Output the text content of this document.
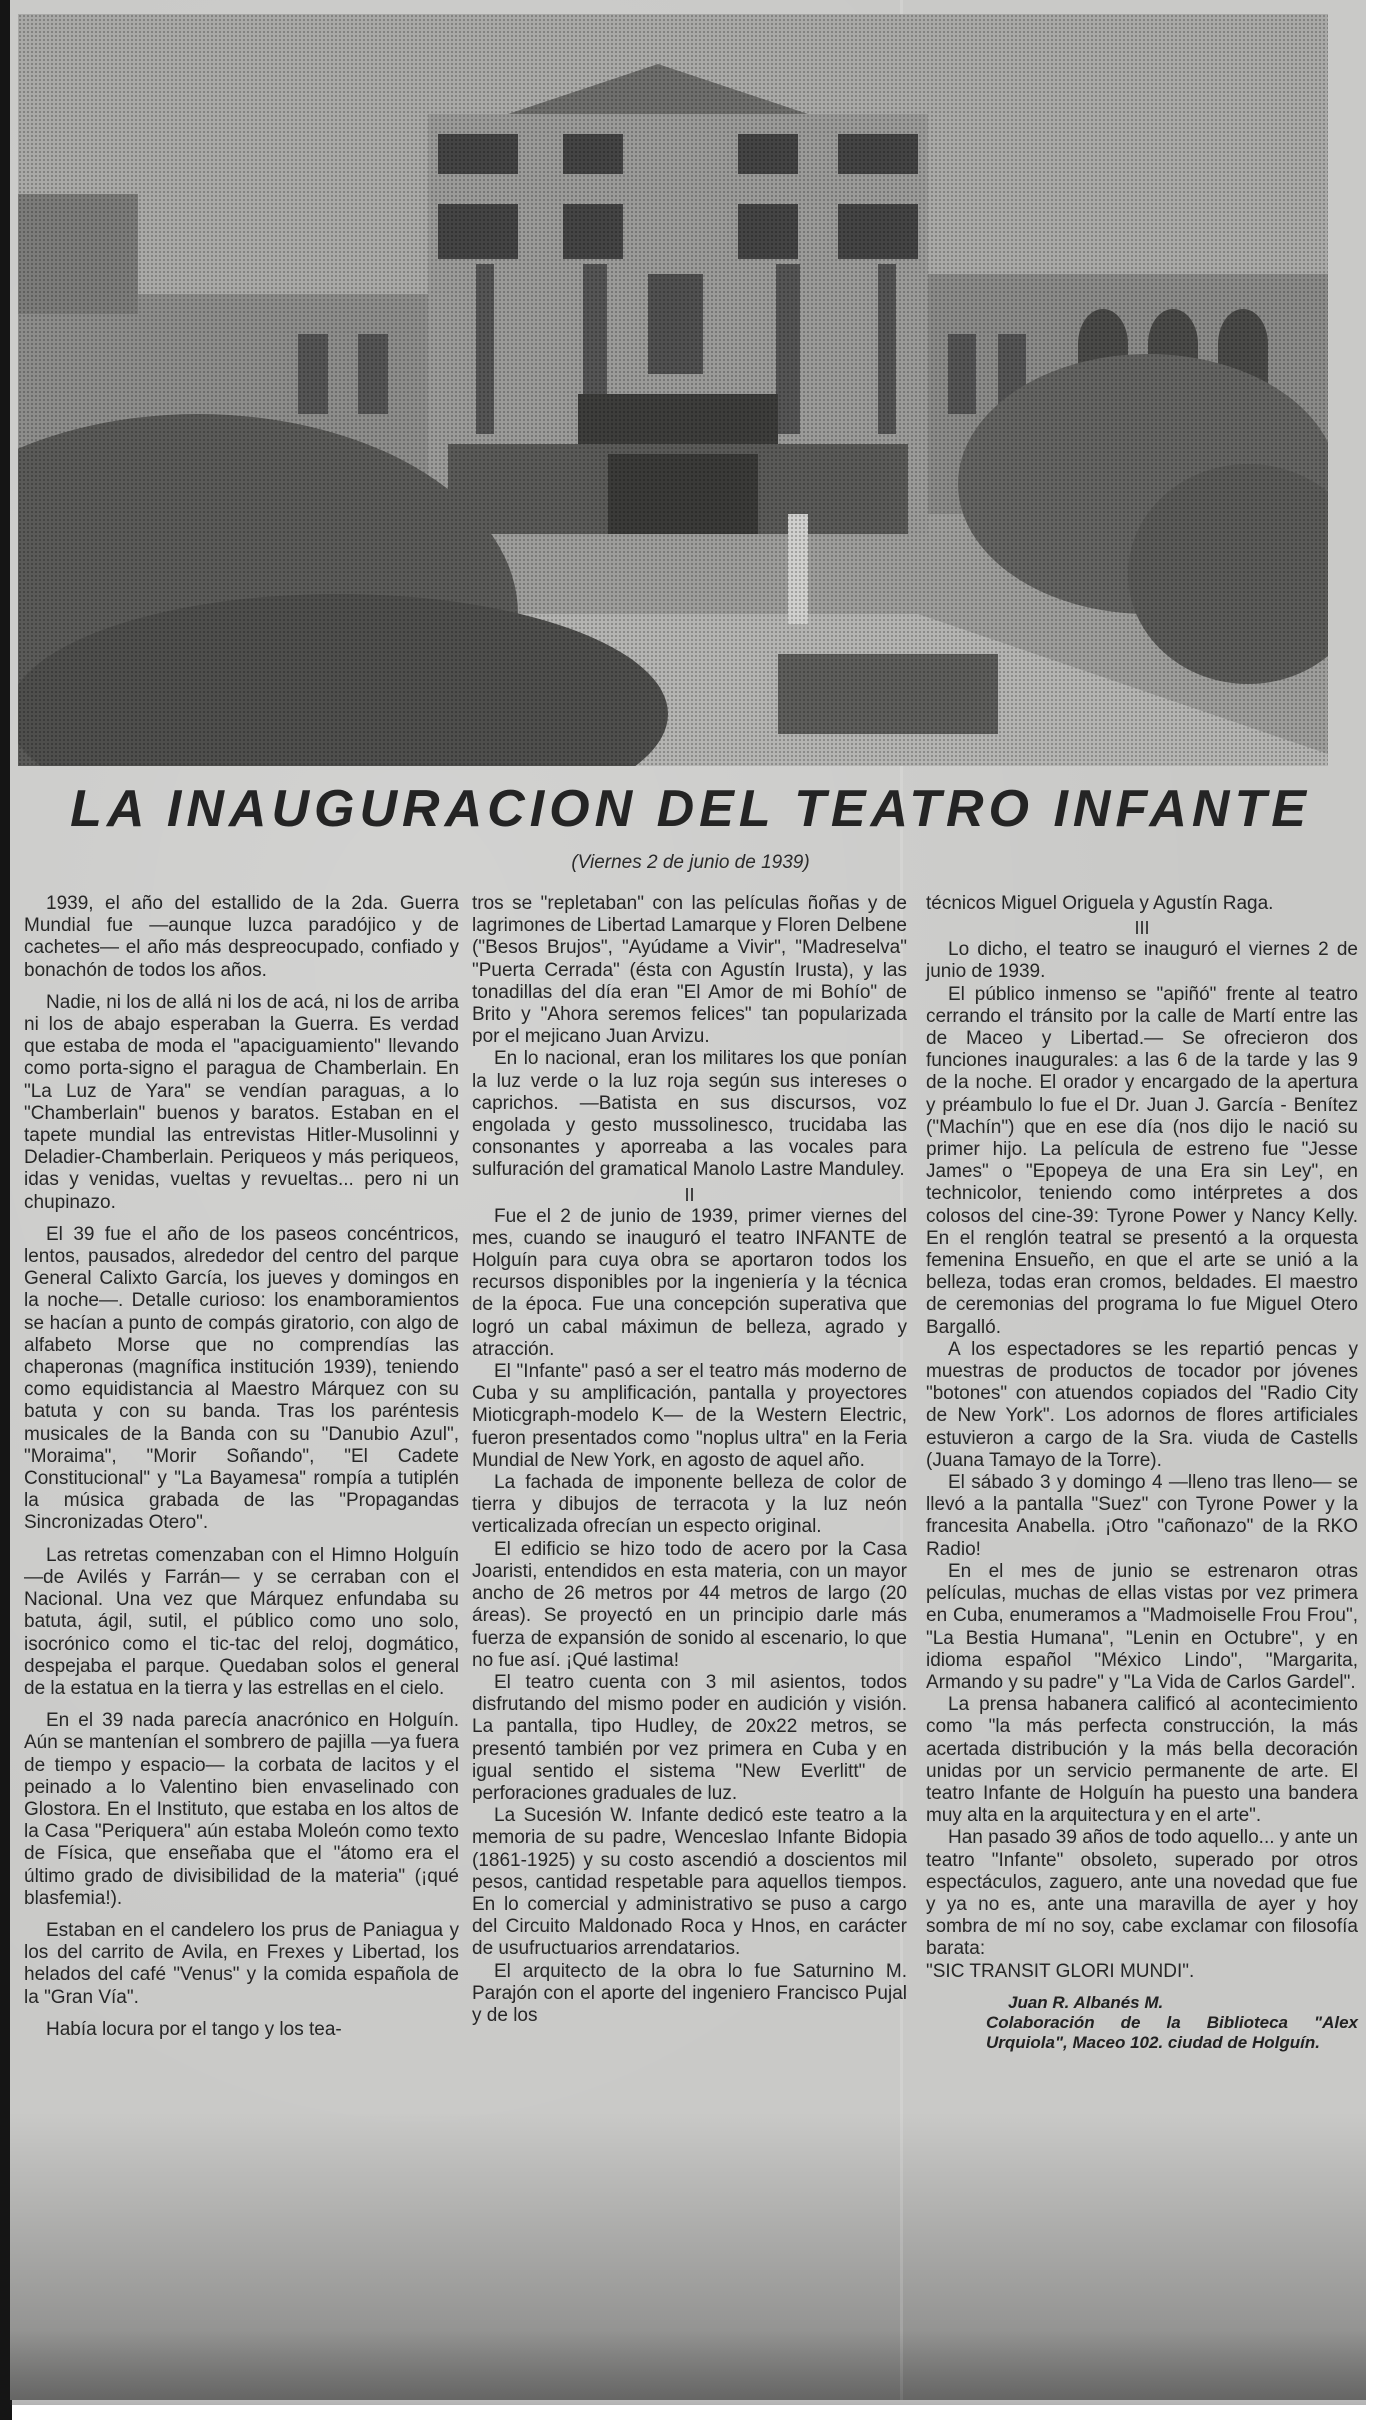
LA INAUGURACION DEL TEATRO INFANTE
(Viernes 2 de junio de 1939)

1939, el año del estallido de la 2da. Guerra Mundial fue —aunque luzca paradójico y de cachetes— el año más despreocupado, confiado y bonachón de todos los años.

Nadie, ni los de allá ni los de acá, ni los de arriba ni los de abajo esperaban la Guerra. Es verdad que estaba de moda el "apaciguamiento" llevando como porta-signo el paragua de Chamberlain. En "La Luz de Yara" se vendían paraguas, a lo "Chamberlain" buenos y baratos. Estaban en el tapete mundial las entrevistas Hitler-Musolinni y Deladier-Chamberlain. Periqueos y más periqueos, idas y venidas, vueltas y revueltas... pero ni un chupinazo.

El 39 fue el año de los paseos concéntricos, lentos, pausados, alrededor del centro del parque General Calixto García, los jueves y domingos en la noche—. Detalle curioso: los enamboramientos se hacían a punto de compás giratorio, con algo de alfabeto Morse que no comprendías las chaperonas (magnífica institución 1939), teniendo como equidistancia al Maestro Márquez con su batuta y con su banda. Tras los paréntesis musicales de la Banda con su "Danubio Azul", "Moraima", "Morir Soñando", "El Cadete Constitucional" y "La Bayamesa" rompía a tutiplén la música grabada de las "Propagandas Sincronizadas Otero".

Las retretas comenzaban con el Himno Holguín —de Avilés y Farrán— y se cerraban con el Nacional. Una vez que Márquez enfundaba su batuta, ágil, sutil, el público como uno solo, isocrónico como el tic-tac del reloj, dogmático, despejaba el parque. Quedaban solos el general de la estatua en la tierra y las estrellas en el cielo.

En el 39 nada parecía anacrónico en Holguín. Aún se mantenían el sombrero de pajilla —ya fuera de tiempo y espacio— la corbata de lacitos y el peinado a lo Valentino bien envaselinado con Glostora. En el Instituto, que estaba en los altos de la Casa "Periquera" aún estaba Moleón como texto de Física, que enseñaba que el "átomo era el último grado de divisibilidad de la materia" (¡qué blasfemia!).

Estaban en el candelero los prus de Paniagua y los del carrito de Avila, en Frexes y Libertad, los helados del café "Venus" y la comida española de la "Gran Vía".

Había locura por el tango y los tea-

tros se "repletaban" con las películas ñoñas y de lagrimones de Libertad Lamarque y Floren Delbene ("Besos Brujos", "Ayúdame a Vivir", "Madreselva" "Puerta Cerrada" (ésta con Agustín Irusta), y las tonadillas del día eran "El Amor de mi Bohío" de Brito y "Ahora seremos felices" tan popularizada por el mejicano Juan Arvizu.

En lo nacional, eran los militares los que ponían la luz verde o la luz roja según sus intereses o caprichos. —Batista en sus discursos, voz engolada y gesto mussolinesco, trucidaba las consonantes y aporreaba a las vocales para sulfuración del gramatical Manolo Lastre Manduley.

II

Fue el 2 de junio de 1939, primer viernes del mes, cuando se inauguró el teatro INFANTE de Holguín para cuya obra se aportaron todos los recursos disponibles por la ingeniería y la técnica de la época. Fue una concepción superativa que logró un cabal máximun de belleza, agrado y atracción.

El "Infante" pasó a ser el teatro más moderno de Cuba y su amplificación, pantalla y proyectores Mioticgraph-modelo K— de la Western Electric, fueron presentados como "noplus ultra" en la Feria Mundial de New York, en agosto de aquel año.

La fachada de imponente belleza de color de tierra y dibujos de terracota y la luz neón verticalizada ofrecían un especto original.

El edificio se hizo todo de acero por la Casa Joaristi, entendidos en esta materia, con un mayor ancho de 26 metros por 44 metros de largo (20 áreas). Se proyectó en un principio darle más fuerza de expansión de sonido al escenario, lo que no fue así. ¡Qué lastima!

El teatro cuenta con 3 mil asientos, todos disfrutando del mismo poder en audición y visión. La pantalla, tipo Hudley, de 20x22 metros, se presentó también por vez primera en Cuba y en igual sentido el sistema "New Everlitt" de perforaciones graduales de luz.

La Sucesión W. Infante dedicó este teatro a la memoria de su padre, Wenceslao Infante Bidopia (1861-1925) y su costo ascendió a doscientos mil pesos, cantidad respetable para aquellos tiempos. En lo comercial y administrativo se puso a cargo del Circuito Maldonado Roca y Hnos, en carácter de usufructuarios arrendatarios.

El arquitecto de la obra lo fue Saturnino M. Parajón con el aporte del ingeniero Francisco Pujal y de los

técnicos Miguel Origuela y Agustín Raga.

III

Lo dicho, el teatro se inauguró el viernes 2 de junio de 1939.

El público inmenso se "apiñó" frente al teatro cerrando el tránsito por la calle de Martí entre las de Maceo y Libertad.— Se ofrecieron dos funciones inaugurales: a las 6 de la tarde y las 9 de la noche. El orador y encargado de la apertura y préambulo lo fue el Dr. Juan J. García - Benítez ("Machín") que en ese día (nos dijo le nació su primer hijo. La película de estreno fue "Jesse James" o "Epopeya de una Era sin Ley", en technicolor, teniendo como intérpretes a dos colosos del cine-39: Tyrone Power y Nancy Kelly. En el renglón teatral se presentó a la orquesta femenina Ensueño, en que el arte se unió a la belleza, todas eran cromos, beldades. El maestro de ceremonias del programa lo fue Miguel Otero Bargalló.

A los espectadores se les repartió pencas y muestras de productos de tocador por jóvenes "botones" con atuendos copiados del "Radio City de New York". Los adornos de flores artificiales estuvieron a cargo de la Sra. viuda de Castells (Juana Tamayo de la Torre).

El sábado 3 y domingo 4 —lleno tras lleno— se llevó a la pantalla "Suez" con Tyrone Power y la francesita Anabella. ¡Otro "cañonazo" de la RKO Radio!

En el mes de junio se estrenaron otras películas, muchas de ellas vistas por vez primera en Cuba, enumeramos a "Madmoiselle Frou Frou", "La Bestia Humana", "Lenin en Octubre", y en idioma español "México Lindo", "Margarita, Armando y su padre" y "La Vida de Carlos Gardel".

La prensa habanera calificó al acontecimiento como "la más perfecta construcción, la más acertada distribución y la más bella decoración unidas por un servicio permanente de arte. El teatro Infante de Holguín ha puesto una bandera muy alta en la arquitectura y en el arte".

Han pasado 39 años de todo aquello... y ante un teatro "Infante" obsoleto, superado por otros espectáculos, zaguero, ante una novedad que fue y ya no es, ante una maravilla de ayer y hoy sombra de mí no soy, cabe exclamar con filosofía barata:

"SIC TRANSIT GLORI MUNDI".

Juan R. Albanés M.
Colaboración de la Biblioteca "Alex Urquiola", Maceo 102. ciudad de Holguín.
